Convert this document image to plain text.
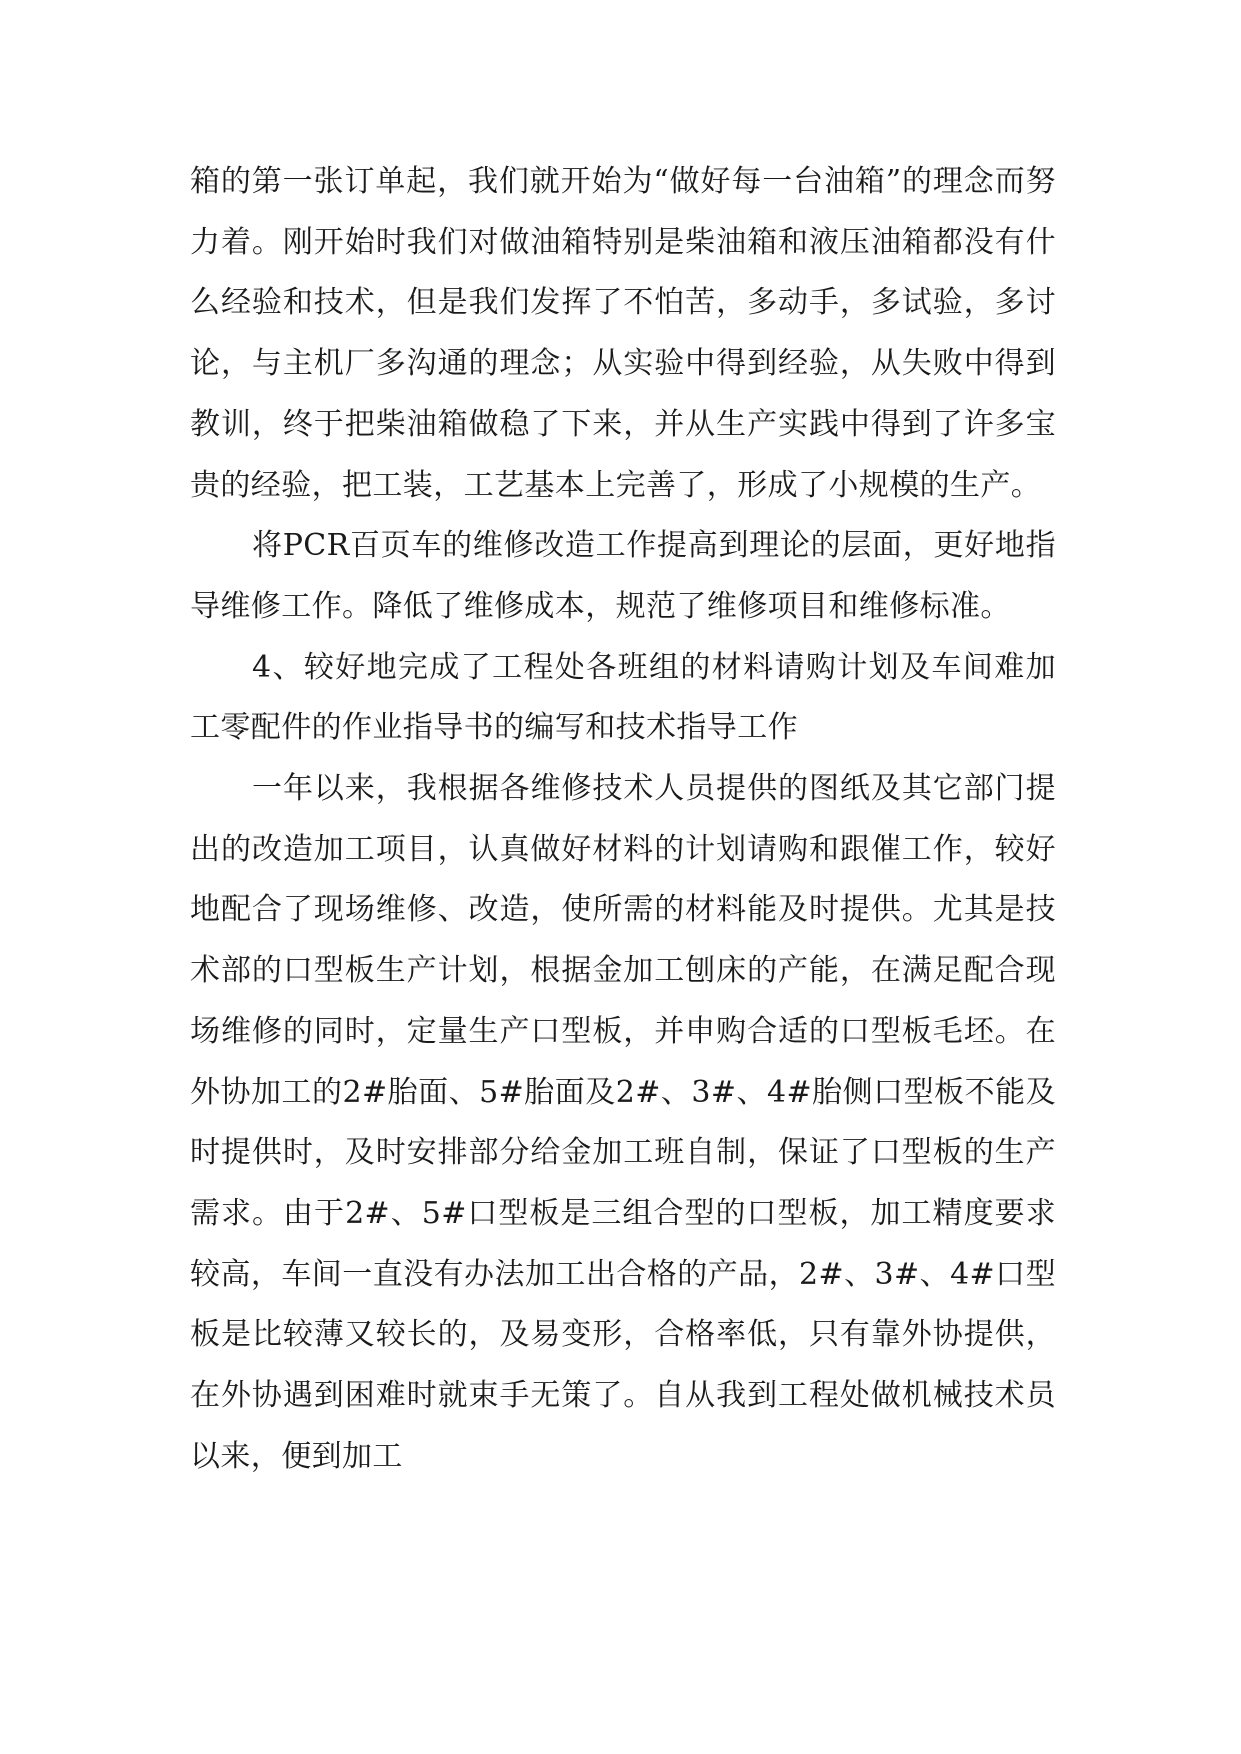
箱的第一张订单起，我们就开始为“做好每一台油箱”的理念而努力着。刚开始时我们对做油箱特别是柴油箱和液压油箱都没有什么经验和技术，但是我们发挥了不怕苦，多动手，多试验，多讨论，与主机厂多沟通的理念；从实验中得到经验，从失败中得到教训，终于把柴油箱做稳了下来，并从生产实践中得到了许多宝贵的经验，把工装，工艺基本上完善了，形成了小规模的生产。

将PCR百页车的维修改造工作提高到理论的层面，更好地指导维修工作。降低了维修成本，规范了维修项目和维修标准。

4、较好地完成了工程处各班组的材料请购计划及车间难加工零配件的作业指导书的编写和技术指导工作

一年以来，我根据各维修技术人员提供的图纸及其它部门提出的改造加工项目，认真做好材料的计划请购和跟催工作，较好地配合了现场维修、改造，使所需的材料能及时提供。尤其是技术部的口型板生产计划，根据金加工刨床的产能，在满足配合现场维修的同时，定量生产口型板，并申购合适的口型板毛坯。在外协加工的2#胎面、5#胎面及2#、3#、4#胎侧口型板不能及时提供时，及时安排部分给金加工班自制，保证了口型板的生产需求。由于2#、5#口型板是三组合型的口型板，加工精度要求较高，车间一直没有办法加工出合格的产品，2#、3#、4#口型板是比较薄又较长的，及易变形，合格率低，只有靠外协提供，在外协遇到困难时就束手无策了。自从我到工程处做机械技术员以来，便到加工
